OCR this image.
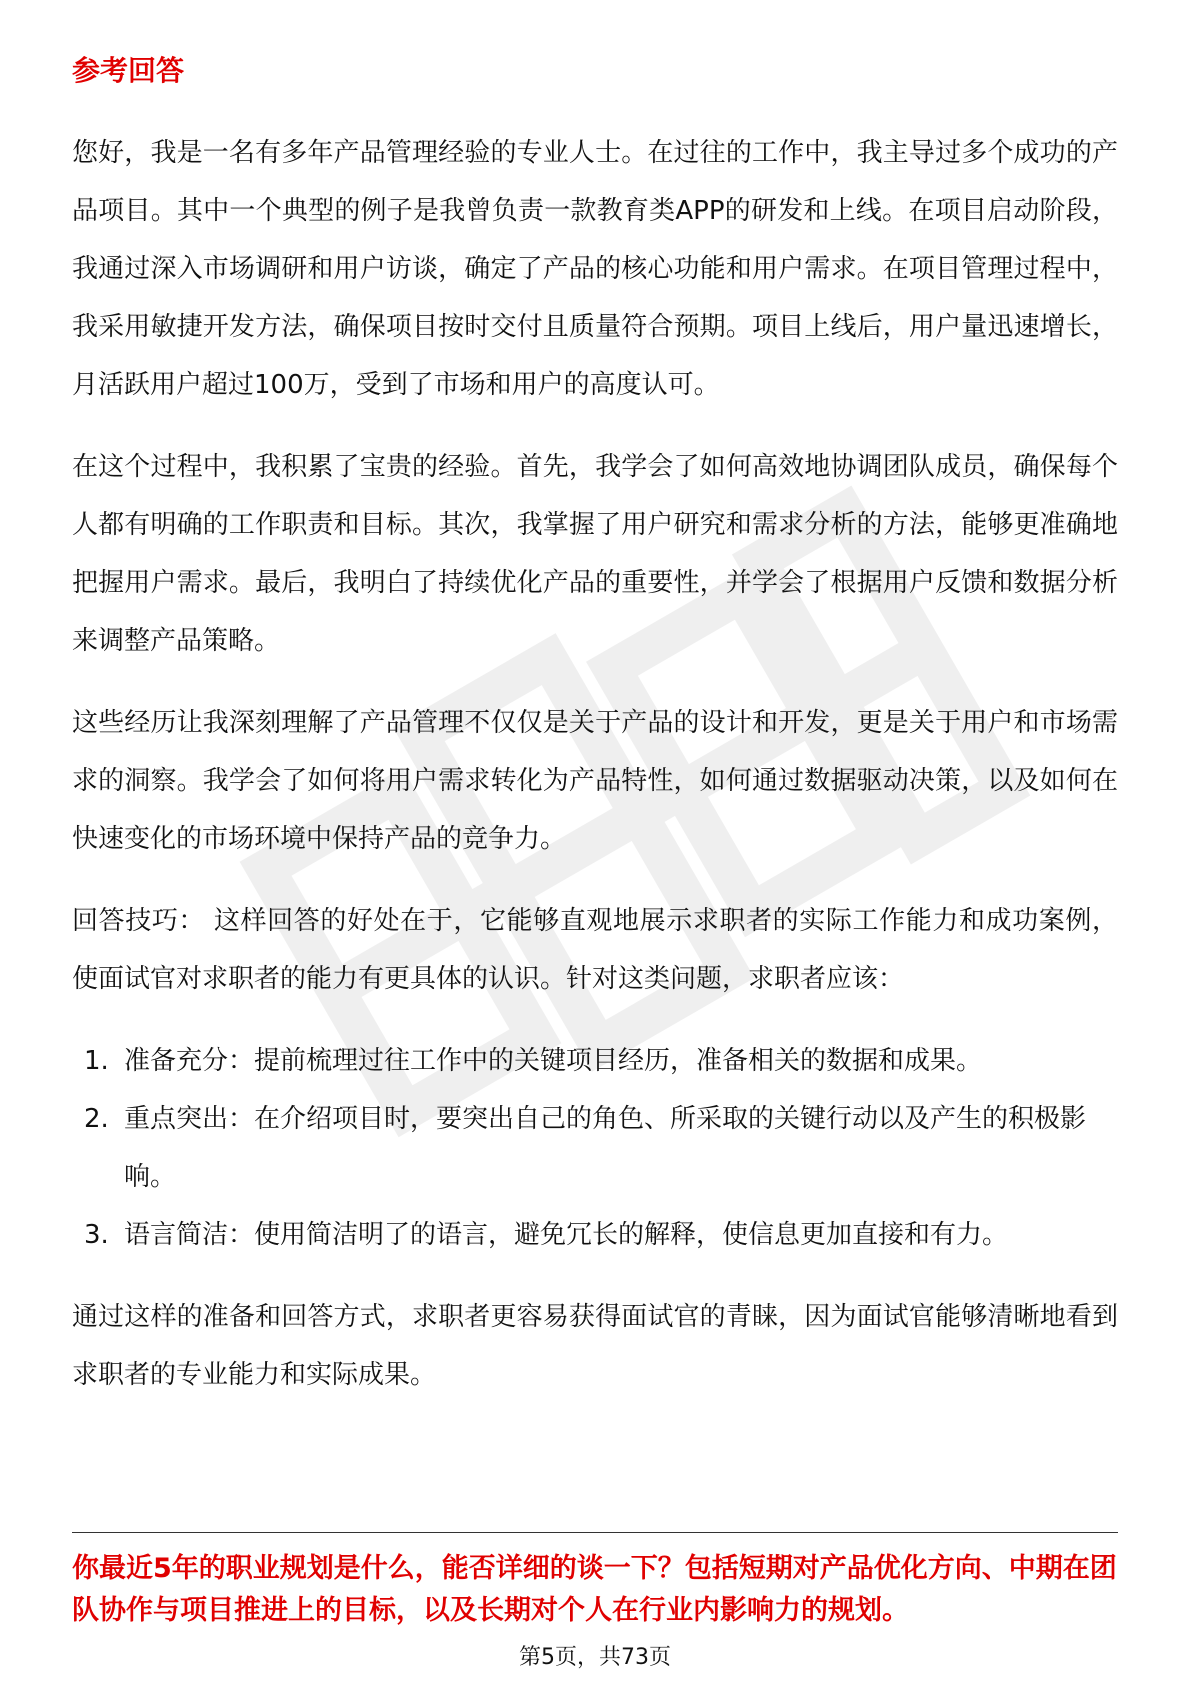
参考回答

您好，我是一名有多年产品管理经验的专业人士。在过往的工作中，我主导过多个成功的产品项目。其中一个典型的例子是我曾负责一款教育类APP的研发和上线。在项目启动阶段，我通过深入市场调研和用户访谈，确定了产品的核心功能和用户需求。在项目管理过程中，我采用敏捷开发方法，确保项目按时交付且质量符合预期。项目上线后，用户量迅速增长，月活跃用户超过100万，受到了市场和用户的高度认可。

在这个过程中，我积累了宝贵的经验。首先，我学会了如何高效地协调团队成员，确保每个人都有明确的工作职责和目标。其次，我掌握了用户研究和需求分析的方法，能够更准确地把握用户需求。最后，我明白了持续优化产品的重要性，并学会了根据用户反馈和数据分析来调整产品策略。

这些经历让我深刻理解了产品管理不仅仅是关于产品的设计和开发，更是关于用户和市场需求的洞察。我学会了如何将用户需求转化为产品特性，如何通过数据驱动决策，以及如何在快速变化的市场环境中保持产品的竞争力。

回答技巧： 这样回答的好处在于，它能够直观地展示求职者的实际工作能力和成功案例，使面试官对求职者的能力有更具体的认识。针对这类问题，求职者应该：

1. 准备充分：提前梳理过往工作中的关键项目经历，准备相关的数据和成果。
2. 重点突出：在介绍项目时，要突出自己的角色、所采取的关键行动以及产生的积极影响。
3. 语言简洁：使用简洁明了的语言，避免冗长的解释，使信息更加直接和有力。

通过这样的准备和回答方式，求职者更容易获得面试官的青睐，因为面试官能够清晰地看到求职者的专业能力和实际成果。

你最近5年的职业规划是什么，能否详细的谈一下？包括短期对产品优化方向、中期在团队协作与项目推进上的目标，以及长期对个人在行业内影响力的规划。
第5页，共73页
